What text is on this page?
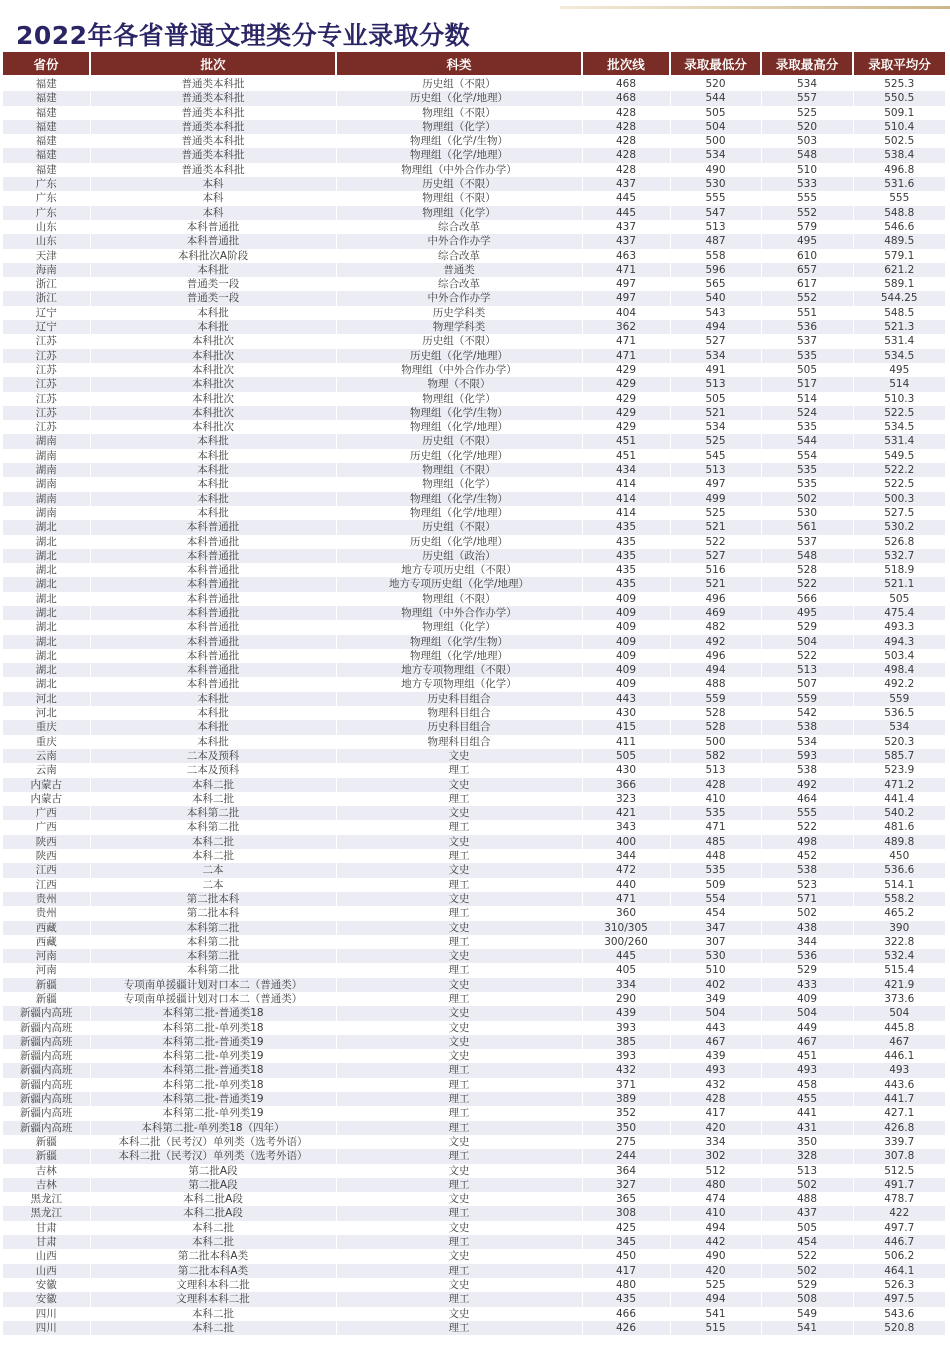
2022年各省普通文理类分专业录取分数
省份	批次	科类	批次线	录取最低分	录取最高分	录取平均分
福建	普通类本科批	历史组（不限）	468	520	534	525.3
福建	普通类本科批	历史组（化学/地理）	468	544	557	550.5
福建	普通类本科批	物理组（不限）	428	505	525	509.1
福建	普通类本科批	物理组（化学）	428	504	520	510.4
福建	普通类本科批	物理组（化学/生物）	428	500	503	502.5
福建	普通类本科批	物理组（化学/地理）	428	534	548	538.4
福建	普通类本科批	物理组（中外合作办学）	428	490	510	496.8
广东	本科	历史组（不限）	437	530	533	531.6
广东	本科	物理组（不限）	445	555	555	555
广东	本科	物理组（化学）	445	547	552	548.8
山东	本科普通批	综合改革	437	513	579	546.6
山东	本科普通批	中外合作办学	437	487	495	489.5
天津	本科批次A阶段	综合改革	463	558	610	579.1
海南	本科批	普通类	471	596	657	621.2
浙江	普通类一段	综合改革	497	565	617	589.1
浙江	普通类一段	中外合作办学	497	540	552	544.25
辽宁	本科批	历史学科类	404	543	551	548.5
辽宁	本科批	物理学科类	362	494	536	521.3
江苏	本科批次	历史组（不限）	471	527	537	531.4
江苏	本科批次	历史组（化学/地理）	471	534	535	534.5
江苏	本科批次	物理组（中外合作办学）	429	491	505	495
江苏	本科批次	物理（不限）	429	513	517	514
江苏	本科批次	物理组（化学）	429	505	514	510.3
江苏	本科批次	物理组（化学/生物）	429	521	524	522.5
江苏	本科批次	物理组（化学/地理）	429	534	535	534.5
湖南	本科批	历史组（不限）	451	525	544	531.4
湖南	本科批	历史组（化学/地理）	451	545	554	549.5
湖南	本科批	物理组（不限）	434	513	535	522.2
湖南	本科批	物理组（化学）	414	497	535	522.5
湖南	本科批	物理组（化学/生物）	414	499	502	500.3
湖南	本科批	物理组（化学/地理）	414	525	530	527.5
湖北	本科普通批	历史组（不限）	435	521	561	530.2
湖北	本科普通批	历史组（化学/地理）	435	522	537	526.8
湖北	本科普通批	历史组（政治）	435	527	548	532.7
湖北	本科普通批	地方专项历史组（不限）	435	516	528	518.9
湖北	本科普通批	地方专项历史组（化学/地理）	435	521	522	521.1
湖北	本科普通批	物理组（不限）	409	496	566	505
湖北	本科普通批	物理组（中外合作办学）	409	469	495	475.4
湖北	本科普通批	物理组（化学）	409	482	529	493.3
湖北	本科普通批	物理组（化学/生物）	409	492	504	494.3
湖北	本科普通批	物理组（化学/地理）	409	496	522	503.4
湖北	本科普通批	地方专项物理组（不限）	409	494	513	498.4
湖北	本科普通批	地方专项物理组（化学）	409	488	507	492.2
河北	本科批	历史科目组合	443	559	559	559
河北	本科批	物理科目组合	430	528	542	536.5
重庆	本科批	历史科目组合	415	528	538	534
重庆	本科批	物理科目组合	411	500	534	520.3
云南	二本及预科	文史	505	582	593	585.7
云南	二本及预科	理工	430	513	538	523.9
内蒙古	本科二批	文史	366	428	492	471.2
内蒙古	本科二批	理工	323	410	464	441.4
广西	本科第二批	文史	421	535	555	540.2
广西	本科第二批	理工	343	471	522	481.6
陕西	本科二批	文史	400	485	498	489.8
陕西	本科二批	理工	344	448	452	450
江西	二本	文史	472	535	538	536.6
江西	二本	理工	440	509	523	514.1
贵州	第二批本科	文史	471	554	571	558.2
贵州	第二批本科	理工	360	454	502	465.2
西藏	本科第二批	文史	310/305	347	438	390
西藏	本科第二批	理工	300/260	307	344	322.8
河南	本科第二批	文史	445	530	536	532.4
河南	本科第二批	理工	405	510	529	515.4
新疆	专项南单援疆计划对口本二（普通类）	文史	334	402	433	421.9
新疆	专项南单援疆计划对口本二（普通类）	理工	290	349	409	373.6
新疆内高班	本科第二批-普通类18	文史	439	504	504	504
新疆内高班	本科第二批-单列类18	文史	393	443	449	445.8
新疆内高班	本科第二批-普通类19	文史	385	467	467	467
新疆内高班	本科第二批-单列类19	文史	393	439	451	446.1
新疆内高班	本科第二批-普通类18	理工	432	493	493	493
新疆内高班	本科第二批-单列类18	理工	371	432	458	443.6
新疆内高班	本科第二批-普通类19	理工	389	428	455	441.7
新疆内高班	本科第二批-单列类19	理工	352	417	441	427.1
新疆内高班	本科第二批-单列类18（四年）	理工	350	420	431	426.8
新疆	本科二批（民考汉）单列类（选考外语）	文史	275	334	350	339.7
新疆	本科二批（民考汉）单列类（选考外语）	理工	244	302	328	307.8
吉林	第二批A段	文史	364	512	513	512.5
吉林	第二批A段	理工	327	480	502	491.7
黑龙江	本科二批A段	文史	365	474	488	478.7
黑龙江	本科二批A段	理工	308	410	437	422
甘肃	本科二批	文史	425	494	505	497.7
甘肃	本科二批	理工	345	442	454	446.7
山西	第二批本科A类	文史	450	490	522	506.2
山西	第二批本科A类	理工	417	420	502	464.1
安徽	文理科本科二批	文史	480	525	529	526.3
安徽	文理科本科二批	理工	435	494	508	497.5
四川	本科二批	文史	466	541	549	543.6
四川	本科二批	理工	426	515	541	520.8
